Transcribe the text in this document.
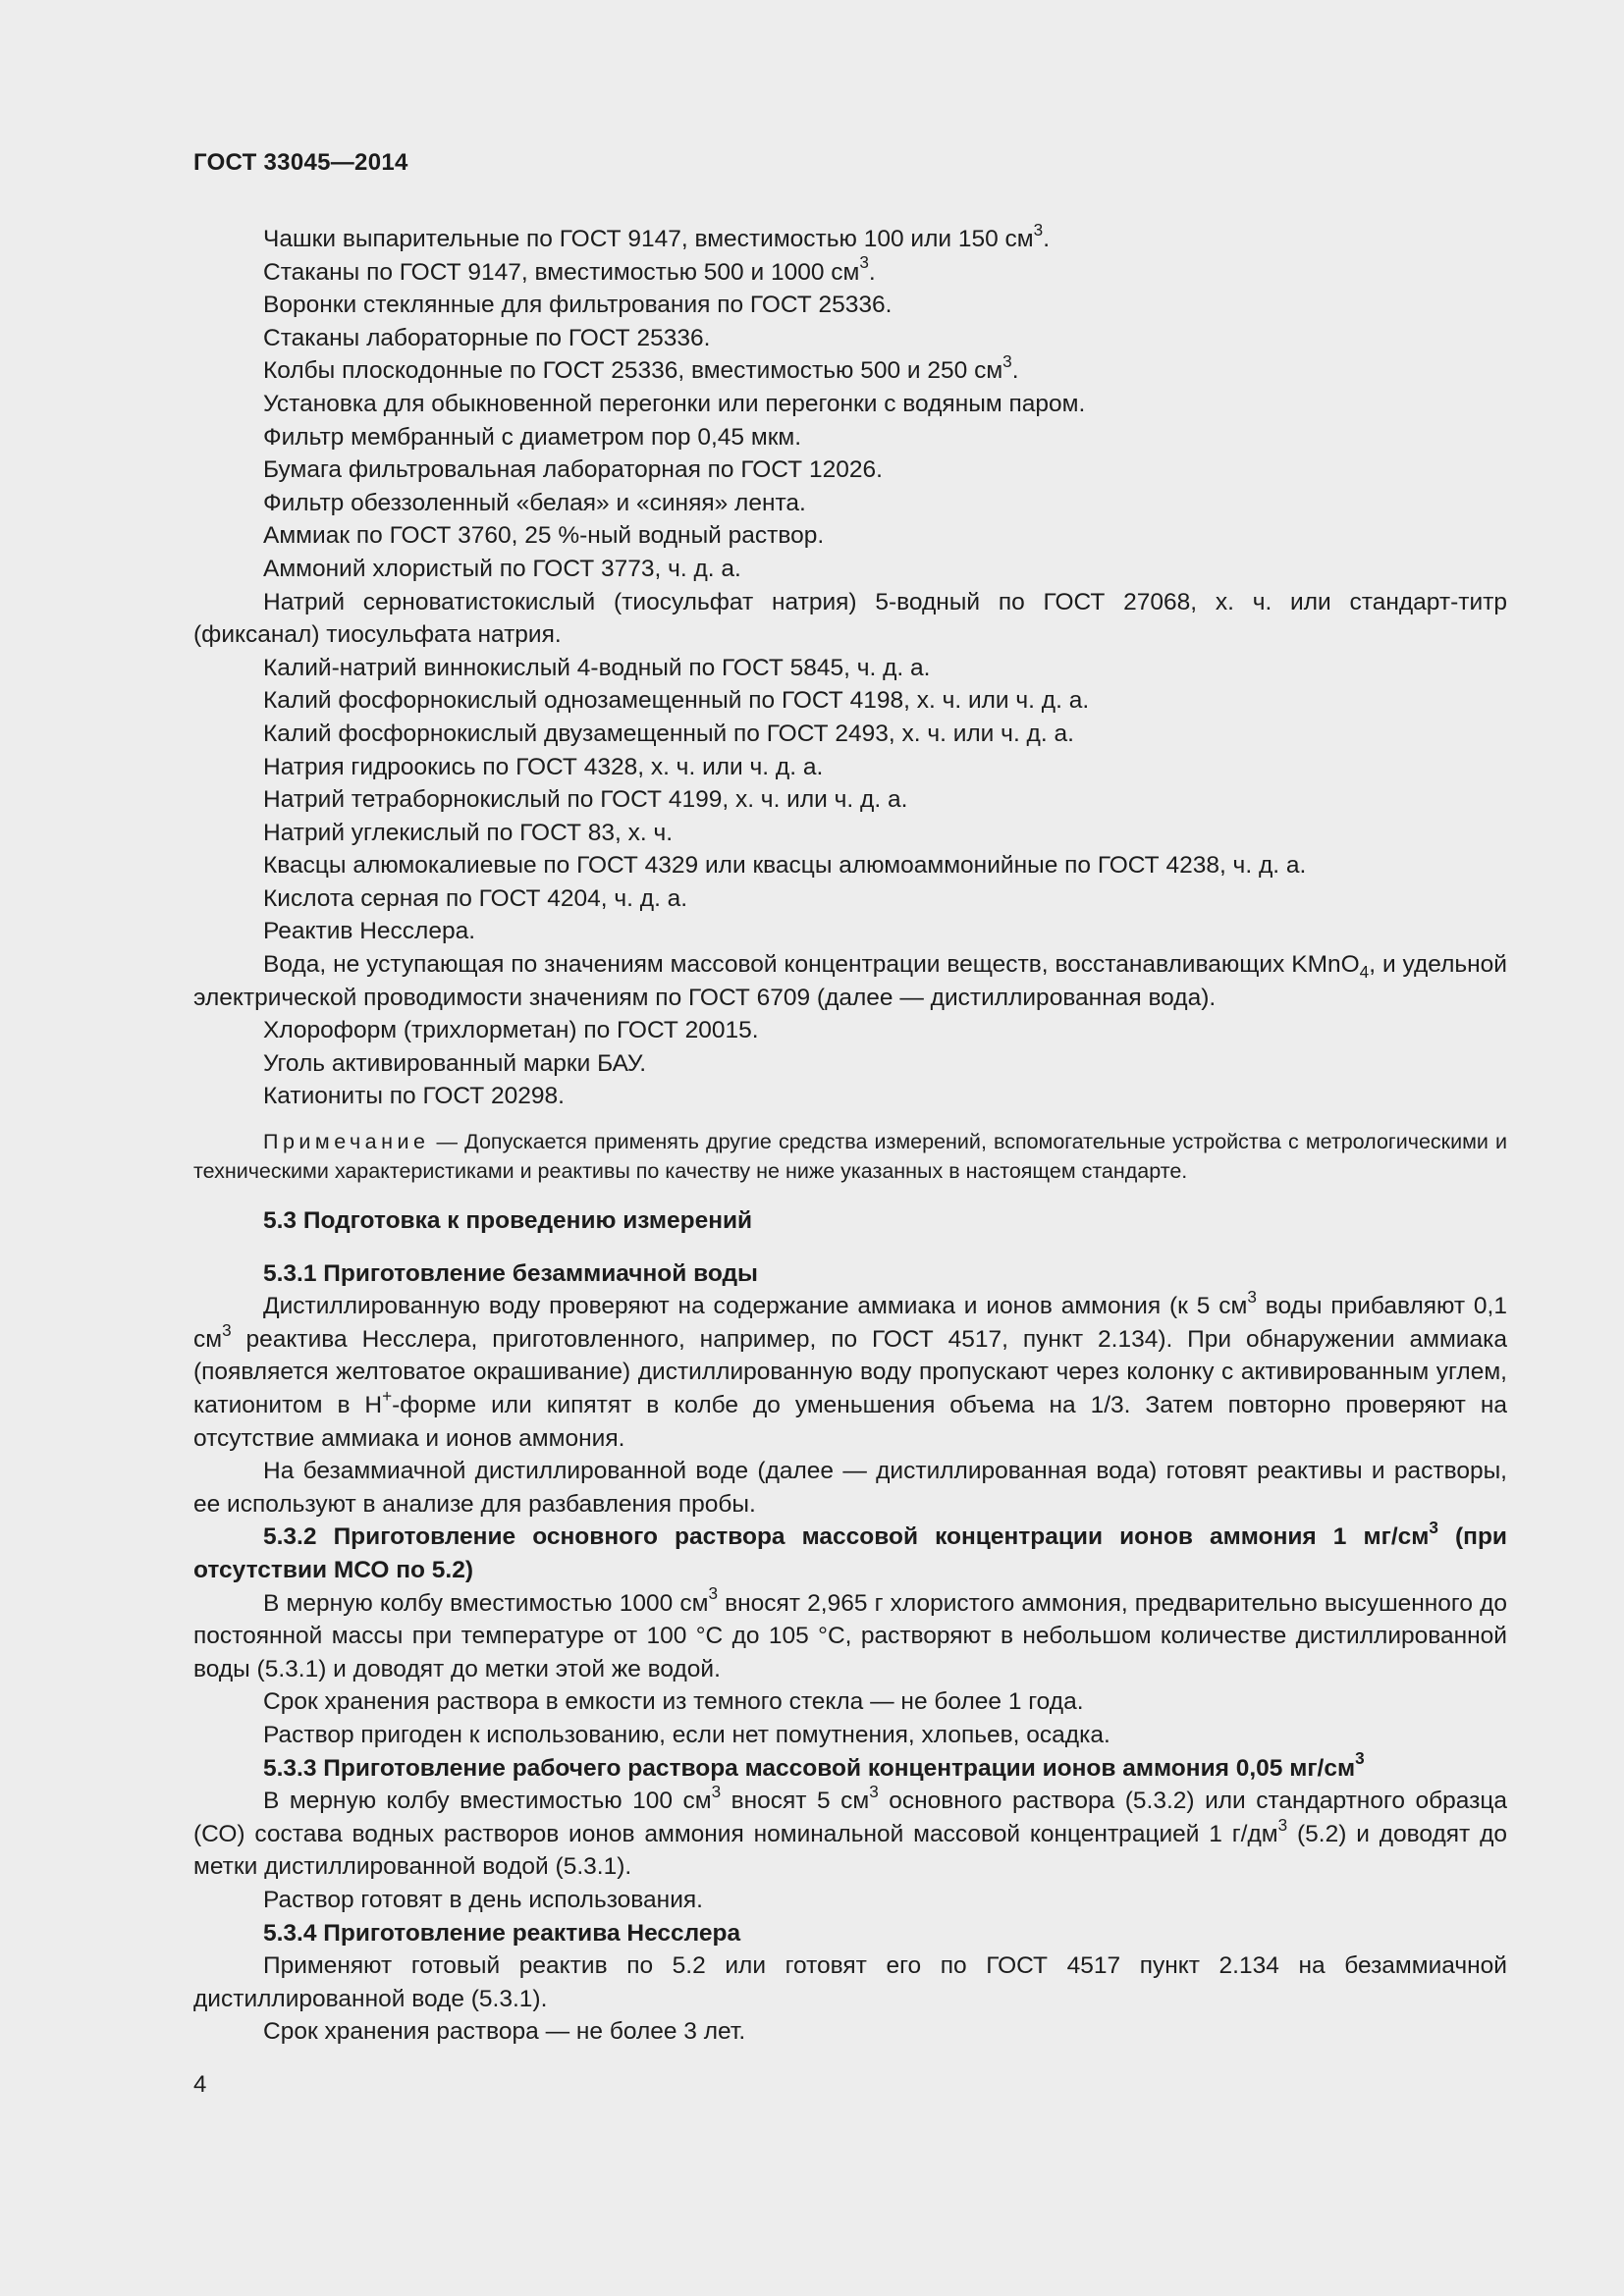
ГОСТ 33045—2014

Чашки выпарительные по ГОСТ 9147, вместимостью 100 или 150 $см^3$.

Стаканы по ГОСТ 9147, вместимостью 500 и 1000 $см^3$.

Воронки стеклянные для фильтрования по ГОСТ 25336.

Стаканы лабораторные по ГОСТ 25336.

Колбы плоскодонные по ГОСТ 25336, вместимостью 500 и 250 $см^3$.

Установка для обыкновенной перегонки или перегонки с водяным паром.

Фильтр мембранный с диаметром пор 0,45 мкм.

Бумага фильтровальная лабораторная по ГОСТ 12026.

Фильтр обеззоленный «белая» и «синяя» лента.

Аммиак по ГОСТ 3760, 25 %-ный водный раствор.

Аммоний хлористый по ГОСТ 3773, ч. д. а.

Натрий серноватистокислый (тиосульфат натрия) 5-водный по ГОСТ 27068, х. ч. или стандарт-титр (фиксанал) тиосульфата натрия.

Калий-натрий виннокислый 4-водный по ГОСТ 5845, ч. д. а.

Калий фосфорнокислый однозамещенный по ГОСТ 4198, х. ч. или ч. д. а.

Калий фосфорнокислый двузамещенный по ГОСТ 2493, х. ч. или ч. д. а.

Натрия гидроокись по ГОСТ 4328, х. ч. или ч. д. а.

Натрий тетраборнокислый по ГОСТ 4199, х. ч. или ч. д. а.

Натрий углекислый по ГОСТ 83, х. ч.

Квасцы алюмокалиевые по ГОСТ 4329 или квасцы алюмоаммонийные по ГОСТ 4238, ч. д. а.

Кислота серная по ГОСТ 4204, ч. д. а.

Реактив Несслера.

Вода, не уступающая по значениям массовой концентрации веществ, восстанавливающих KMnO$_4$, и удельной электрической проводимости значениям по ГОСТ 6709 (далее — дистиллированная вода).

Хлороформ (трихлорметан) по ГОСТ 20015.

Уголь активированный марки БАУ.

Катиониты по ГОСТ 20298.

Примечание — Допускается применять другие средства измерений, вспомогательные устройства с метрологическими и техническими характеристиками и реактивы по качеству не ниже указанных в настоящем стандарте.

5.3 Подготовка к проведению измерений

5.3.1 Приготовление безаммиачной воды

Дистиллированную воду проверяют на содержание аммиака и ионов аммония (к 5 $см^3$ воды прибавляют 0,1 $см^3$ реактива Несслера, приготовленного, например, по ГОСТ 4517, пункт 2.134). При обнаружении аммиака (появляется желтоватое окрашивание) дистиллированную воду пропускают через колонку с активированным углем, катионитом в H+-форме или кипятят в колбе до уменьшения объема на 1/3. Затем повторно проверяют на отсутствие аммиака и ионов аммония.

На безаммиачной дистиллированной воде (далее — дистиллированная вода) готовят реактивы и растворы, ее используют в анализе для разбавления пробы.

5.3.2 Приготовление основного раствора массовой концентрации ионов аммония 1 $мг/см^3$ (при отсутствии МСО по 5.2)

В мерную колбу вместимостью 1000 $см^3$ вносят 2,965 г хлористого аммония, предварительно высушенного до постоянной массы при температуре от 100 °С до 105 °С, растворяют в небольшом количестве дистиллированной воды (5.3.1) и доводят до метки этой же водой.

Срок хранения раствора в емкости из темного стекла — не более 1 года.

Раствор пригоден к использованию, если нет помутнения, хлопьев, осадка.

5.3.3 Приготовление рабочего раствора массовой концентрации ионов аммония 0,05 $мг/см^3$

В мерную колбу вместимостью 100 $см^3$ вносят 5 $см^3$ основного раствора (5.3.2) или стандартного образца (СО) состава водных растворов ионов аммония номинальной массовой концентрацией 1 $г/дм^3$ (5.2) и доводят до метки дистиллированной водой (5.3.1).

Раствор готовят в день использования.

5.3.4 Приготовление реактива Несслера

Применяют готовый реактив по 5.2 или готовят его по ГОСТ 4517 пункт 2.134 на безаммиачной дистиллированной воде (5.3.1).

Срок хранения раствора — не более 3 лет.

4
